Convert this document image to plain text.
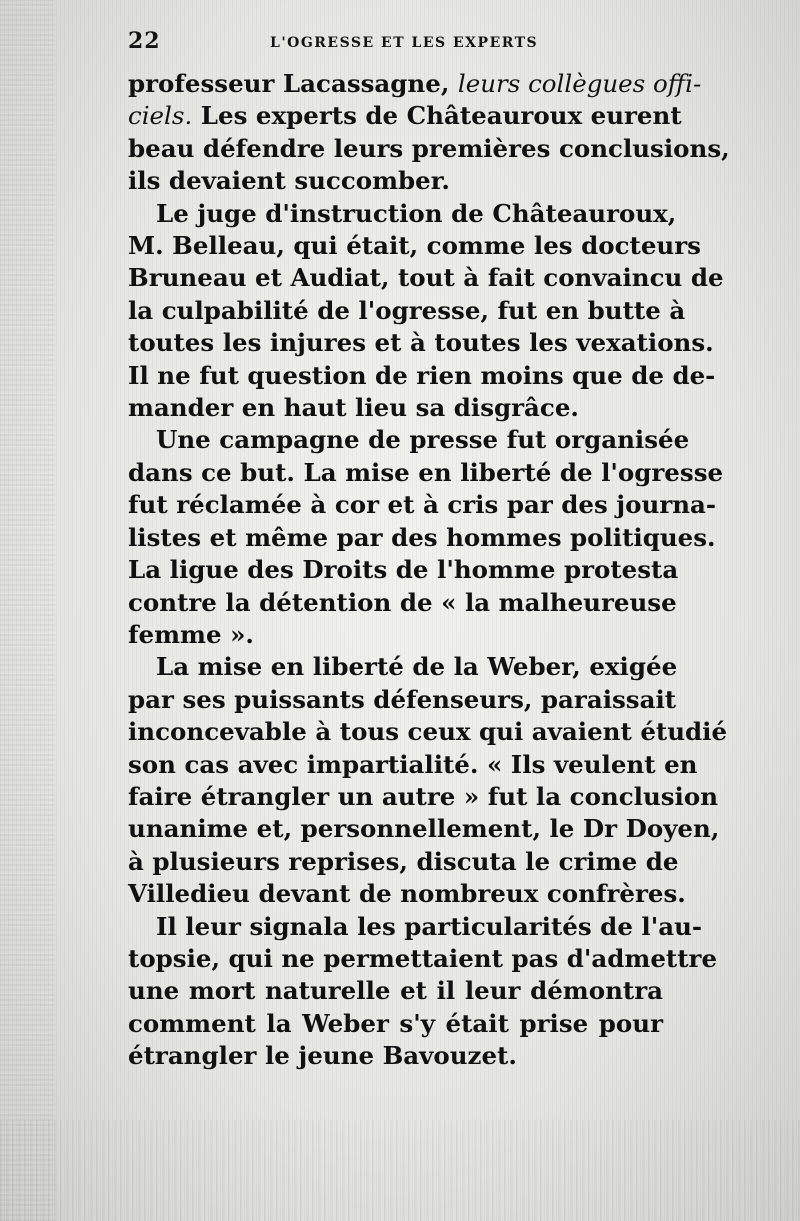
22	L'OGRESSE ET LES EXPERTS
professeur Lacassagne, leurs collègues offi-
ciels. Les experts de Châteauroux eurent
beau défendre leurs premières conclusions,
ils devaient succomber.
Le juge d'instruction de Châteauroux,
M. Belleau, qui était, comme les docteurs
Bruneau et Audiat, tout à fait convaincu de
la culpabilité de l'ogresse, fut en butte à
toutes les injures et à toutes les vexations.
Il ne fut question de rien moins que de de-
mander en haut lieu sa disgrâce.
Une campagne de presse fut organisée
dans ce but. La mise en liberté de l'ogresse
fut réclamée à cor et à cris par des journa-
listes et même par des hommes politiques.
La ligue des Droits de l'homme protesta
contre la détention de « la malheureuse
femme ».
La mise en liberté de la Weber, exigée
par ses puissants défenseurs, paraissait
inconcevable à tous ceux qui avaient étudié
son cas avec impartialité. « Ils veulent en
faire étrangler un autre » fut la conclusion
unanime et, personnellement, le Dr Doyen,
à plusieurs reprises, discuta le crime de
Villedieu devant de nombreux confrères.
Il leur signala les particularités de l'au-
topsie, qui ne permettaient pas d'admettre
une mort naturelle et il leur démontra
comment la Weber s'y était prise pour
étrangler le jeune Bavouzet.
